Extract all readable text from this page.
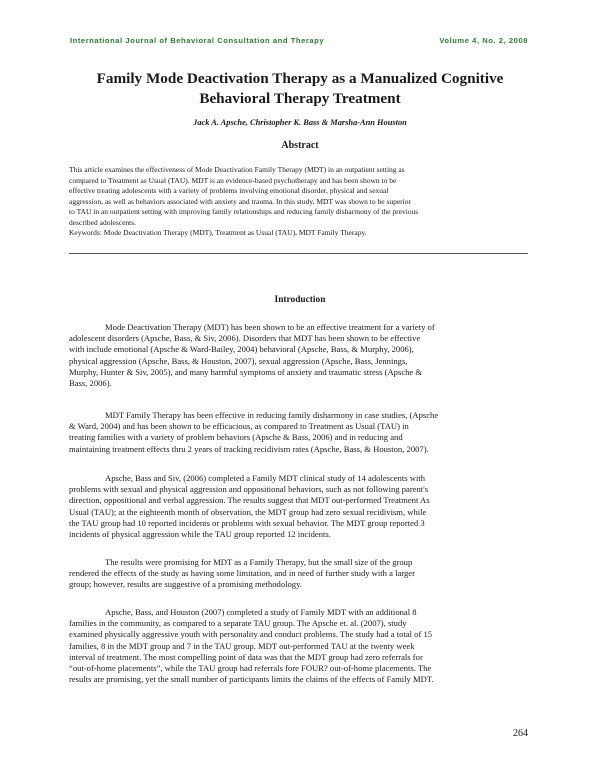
International Journal of Behavioral Consultation and Therapy	Volume 4, No. 2, 2008
Family Mode Deactivation Therapy as a Manualized Cognitive
Behavioral Therapy Treatment

Jack A. Apsche, Christopher K. Bass & Marsha-Ann Houston

Abstract

This article examines the effectiveness of Mode Deactivation Family Therapy (MDT) in an outpatient setting as
compared to Treatment as Usual (TAU). MDT is an evidence-based psychotherapy and has been shown to be
effective treating adolescents with a variety of problems involving emotional disorder, physical and sexual
aggression, as well as behaviors associated with anxiety and trauma. In this study, MDT was shown to be superior
to TAU in an outpatient setting with improving family relationships and reducing family disharmony of the previous
described adolescents.
Keywords: Mode Deactivation Therapy (MDT), Treatment as Usual (TAU), MDT Family Therapy.

Introduction

Mode Deactivation Therapy (MDT) has been shown to be an effective treatment for a variety of
adolescent disorders (Apsche, Bass, & Siv, 2006). Disorders that MDT has been shown to be effective
with include emotional (Apsche & Ward-Bailey, 2004) behavioral (Apsche, Bass, & Murphy, 2006),
physical aggression (Apsche, Bass, & Houston, 2007), sexual aggression (Apsche, Bass, Jennings,
Murphy, Hunter & Siv, 2005), and many harmful symptoms of anxiety and traumatic stress (Apsche &
Bass, 2006).

MDT Family Therapy has been effective in reducing family disharmony in case studies, (Apsche
& Ward, 2004) and has been shown to be efficacious, as compared to Treatment as Usual (TAU) in
treating families with a variety of problem behaviors (Apsche & Bass, 2006) and in reducing and
maintaining treatment effects thru 2 years of tracking recidivism rates (Apsche, Bass, & Houston, 2007).

Apsche, Bass and Siv, (2006) completed a Family MDT clinical study of 14 adolescents with
problems with sexual and physical aggression and oppositional behaviors, such as not following parent's
direction, oppositional and verbal aggression. The results suggest that MDT out-performed Treatment As
Usual (TAU); at the eighteenth month of observation, the MDT group had zero sexual recidivism, while
the TAU group had 10 reported incidents or problems with sexual behavior. The MDT group reported 3
incidents of physical aggression while the TAU group reported 12 incidents.

The results were promising for MDT as a Family Therapy, but the small size of the group
rendered the effects of the study as having some limitation, and in need of further study with a larger
group; however, results are suggestive of a promising methodology.

Apsche, Bass, and Houston (2007) completed a study of Family MDT with an additional 8
families in the community, as compared to a separate TAU group. The Apsche et. al. (2007), study
examined physically aggressive youth with personality and conduct problems. The study had a total of 15
families, 8 in the MDT group and 7 in the TAU group. MDT out-performed TAU at the twenty week
interval of treatment. The most compelling point of data was that the MDT group had zero referrals for
“out-of-home placements”, while the TAU group had referrals fore FOUR? out-of-home placements. The
results are promising, yet the small number of participants limits the claims of the effects of Family MDT.

264
